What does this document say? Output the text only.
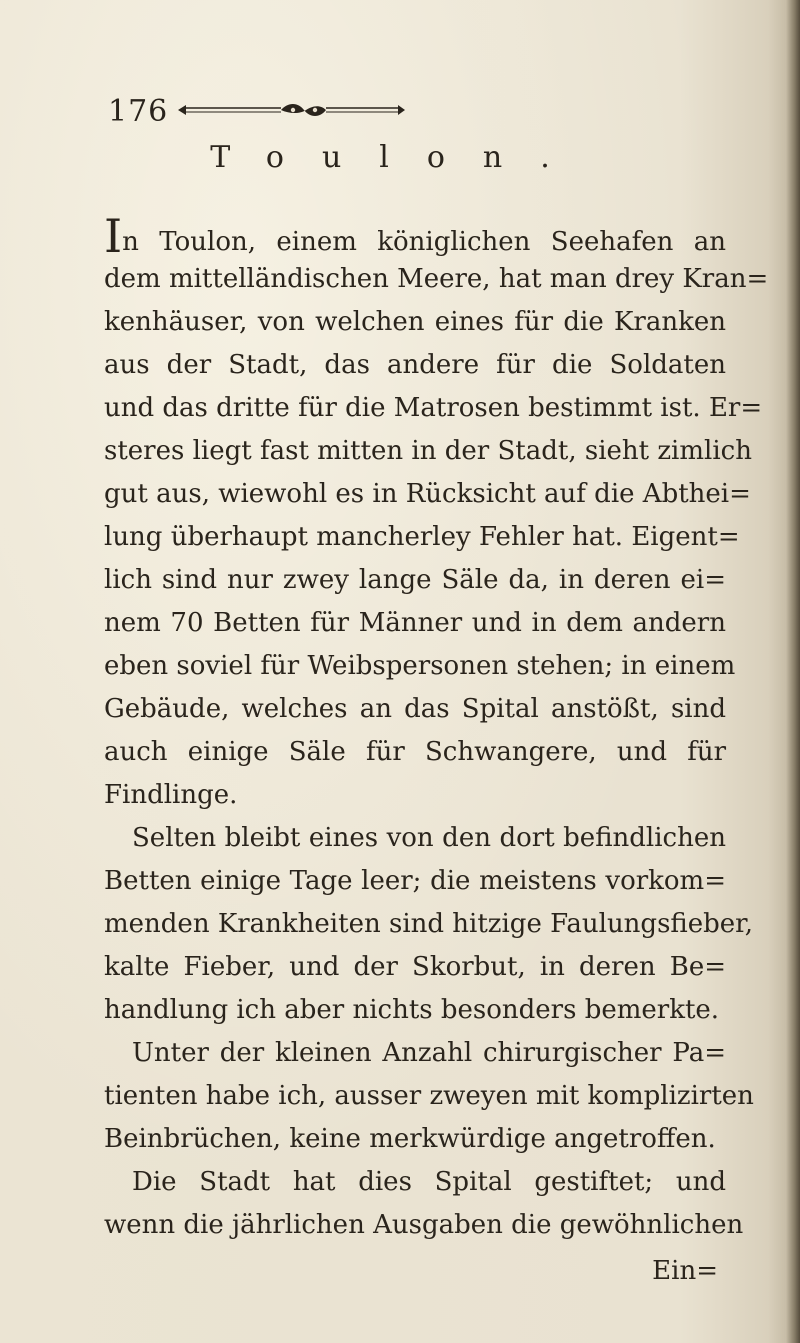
176
Toulon.
In Toulon, einem königlichen Seehafen an
dem mittelländischen Meere, hat man drey Kran=
kenhäuser, von welchen eines für die Kranken
aus der Stadt, das andere für die Soldaten
und das dritte für die Matrosen bestimmt ist. Er=
steres liegt fast mitten in der Stadt, sieht zimlich
gut aus, wiewohl es in Rücksicht auf die Abthei=
lung überhaupt mancherley Fehler hat. Eigent=
lich sind nur zwey lange Säle da, in deren ei=
nem 70 Betten für Männer und in dem andern
eben soviel für Weibspersonen stehen; in einem
Gebäude, welches an das Spital anstößt, sind
auch einige Säle für Schwangere, und für
Findlinge.
Selten bleibt eines von den dort befindlichen
Betten einige Tage leer; die meistens vorkom=
menden Krankheiten sind hitzige Faulungsfieber,
kalte Fieber, und der Skorbut, in deren Be=
handlung ich aber nichts besonders bemerkte.
Unter der kleinen Anzahl chirurgischer Pa=
tienten habe ich, ausser zweyen mit komplizirten
Beinbrüchen, keine merkwürdige angetroffen.
Die Stadt hat dies Spital gestiftet; und
wenn die jährlichen Ausgaben die gewöhnlichen
Ein=
